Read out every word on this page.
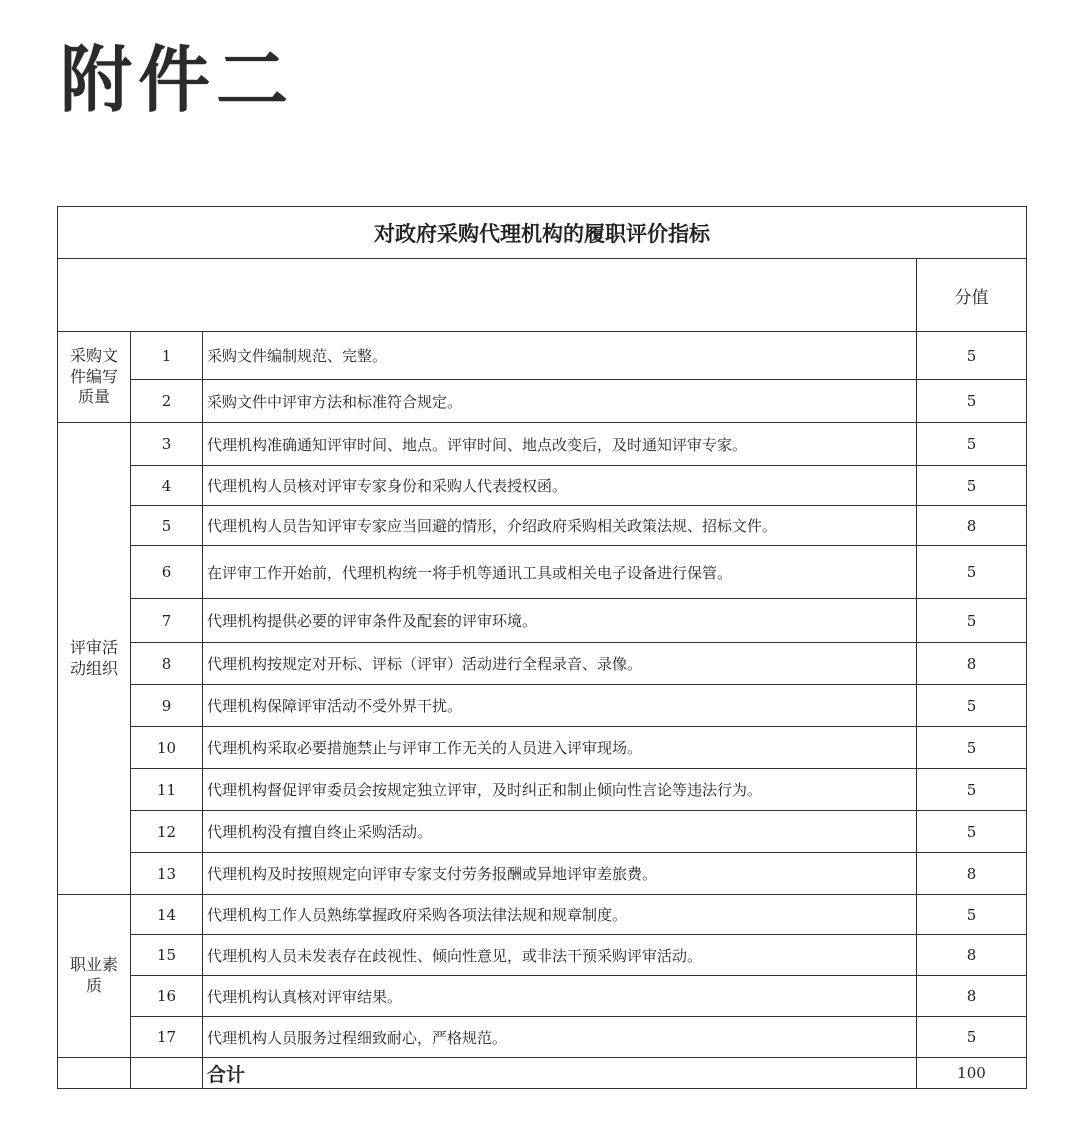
附件二
对政府采购代理机构的履职评价指标			
			分值
采购文件编写质量	1	采购文件编制规范、完整。	5
	2	采购文件中评审方法和标准符合规定。	5
评审活动组织	3	代理机构准确通知评审时间、地点。评审时间、地点改变后，及时通知评审专家。	5
	4	代理机构人员核对评审专家身份和采购人代表授权函。	5
	5	代理机构人员告知评审专家应当回避的情形，介绍政府采购相关政策法规、招标文件。	8
	6	在评审工作开始前，代理机构统一将手机等通讯工具或相关电子设备进行保管。	5
	7	代理机构提供必要的评审条件及配套的评审环境。	5
	8	代理机构按规定对开标、评标（评审）活动进行全程录音、录像。	8
	9	代理机构保障评审活动不受外界干扰。	5
	10	代理机构采取必要措施禁止与评审工作无关的人员进入评审现场。	5
	11	代理机构督促评审委员会按规定独立评审，及时纠正和制止倾向性言论等违法行为。	5
	12	代理机构没有擅自终止采购活动。	5
	13	代理机构及时按照规定向评审专家支付劳务报酬或异地评审差旅费。	8
职业素质	14	代理机构工作人员熟练掌握政府采购各项法律法规和规章制度。	5
	15	代理机构人员未发表存在歧视性、倾向性意见，或非法干预采购评审活动。	8
	16	代理机构认真核对评审结果。	8
	17	代理机构人员服务过程细致耐心，严格规范。	5
		合计	100
